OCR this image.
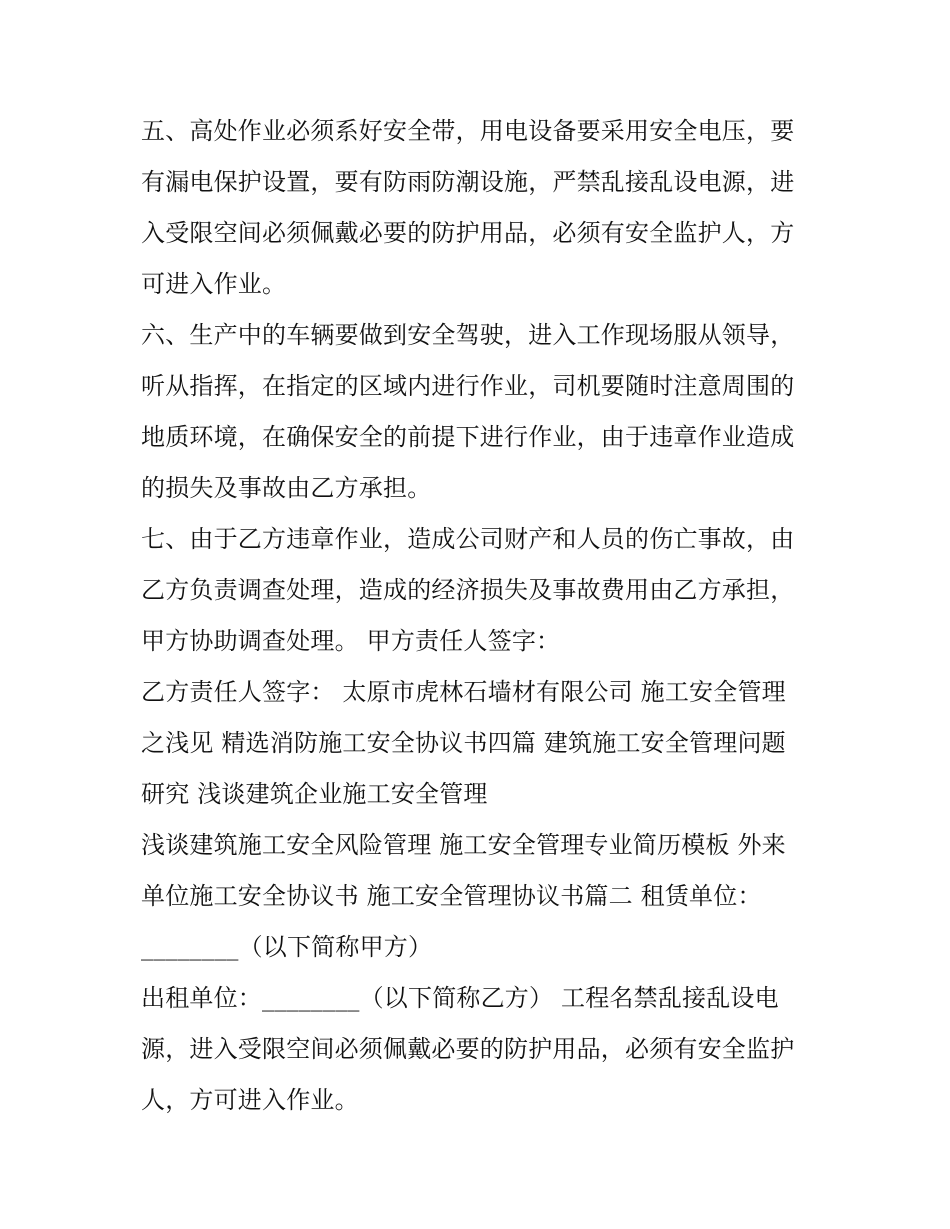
五、高处作业必须系好安全带，用电设备要采用安全电压，要
有漏电保护设置，要有防雨防潮设施，严禁乱接乱设电源，进
入受限空间必须佩戴必要的防护用品，必须有安全监护人，方
可进入作业。
六、生产中的车辆要做到安全驾驶，进入工作现场服从领导，
听从指挥，在指定的区域内进行作业，司机要随时注意周围的
地质环境，在确保安全的前提下进行作业，由于违章作业造成
的损失及事故由乙方承担。
七、由于乙方违章作业，造成公司财产和人员的伤亡事故，由
乙方负责调查处理，造成的经济损失及事故费用由乙方承担，
甲方协助调查处理。 甲方责任人签字：
乙方责任人签字： 太原市虎林石墙材有限公司 施工安全管理
之浅见 精选消防施工安全协议书四篇 建筑施工安全管理问题
研究 浅谈建筑企业施工安全管理
浅谈建筑施工安全风险管理 施工安全管理专业简历模板 外来
单位施工安全协议书 施工安全管理协议书篇二 租赁单位：
________（以下简称甲方）
出租单位：________（以下简称乙方） 工程名禁乱接乱设电
源，进入受限空间必须佩戴必要的防护用品，必须有安全监护
人，方可进入作业。
